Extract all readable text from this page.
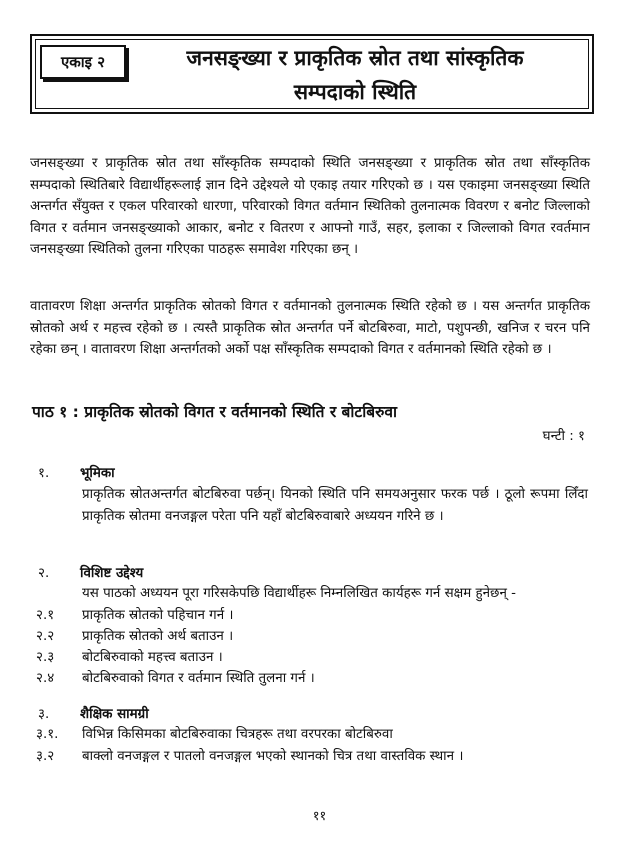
एकाइ २	जनसङ्ख्या र प्राकृतिक स्रोत तथा सांस्कृतिक
सम्पदाको स्थिति
जनसङ्ख्या र प्राकृतिक स्रोत तथा साँस्कृतिक सम्पदाको स्थिति जनसङ्ख्या र प्राकृतिक स्रोत तथा साँस्कृतिक सम्पदाको स्थितिबारे विद्यार्थीहरूलाई ज्ञान दिने उद्देश्यले यो एकाइ तयार गरिएको छ । यस एकाइमा जनसङ्ख्या स्थिति अन्तर्गत सँयुक्त र एकल परिवारको धारणा, परिवारको विगत वर्तमान स्थितिको तुलनात्मक विवरण र बनोट जिल्लाको विगत र वर्तमान जनसङ्ख्याको आकार, बनोट र वितरण र आफ्नो गाउँ, सहर, इलाका र जिल्लाको विगत रवर्तमान जनसङ्ख्या स्थितिको तुलना गरिएका पाठहरू समावेश गरिएका छन् ।
वातावरण शिक्षा अन्तर्गत प्राकृतिक स्रोतको विगत र वर्तमानको तुलनात्मक स्थिति रहेको छ । यस अन्तर्गत प्राकृतिक स्रोतको अर्थ र महत्त्व रहेको छ । त्यस्तै प्राकृतिक स्रोत अन्तर्गत पर्ने बोटबिरुवा, माटो, पशुपन्छी, खनिज र चरन पनि रहेका छन् । वातावरण शिक्षा अन्तर्गतको अर्को पक्ष साँस्कृतिक सम्पदाको विगत र वर्तमानको स्थिति रहेको छ ।
पाठ १ : प्राकृतिक स्रोतको विगत र वर्तमानको स्थिति र बोटबिरुवा
घन्टी : १
१. भूमिका
प्राकृतिक स्रोतअन्तर्गत बोटबिरुवा पर्छन्। यिनको स्थिति पनि समयअनुसार फरक पर्छ । ठूलो रूपमा लिँदा प्राकृतिक स्रोतमा वनजङ्गल परेता पनि यहाँ बोटबिरुवाबारे अध्ययन गरिने छ ।
२. विशिष्ट उद्देश्य
यस पाठको अध्ययन पूरा गरिसकेपछि विद्यार्थीहरू निम्नलिखित कार्यहरू गर्न सक्षम हुनेछन् -
२.१ प्राकृतिक स्रोतको पहिचान गर्न ।
२.२ प्राकृतिक स्रोतको अर्थ बताउन ।
२.३ बोटबिरुवाको महत्त्व बताउन ।
२.४ बोटबिरुवाको विगत र वर्तमान स्थिति तुलना गर्न ।
३. शैक्षिक सामग्री
३.१. विभिन्न किसिमका बोटबिरुवाका चित्रहरू तथा वरपरका बोटबिरुवा
३.२ बाक्लो वनजङ्गल र पातलो वनजङ्गल भएको स्थानको चित्र तथा वास्तविक स्थान ।
११
